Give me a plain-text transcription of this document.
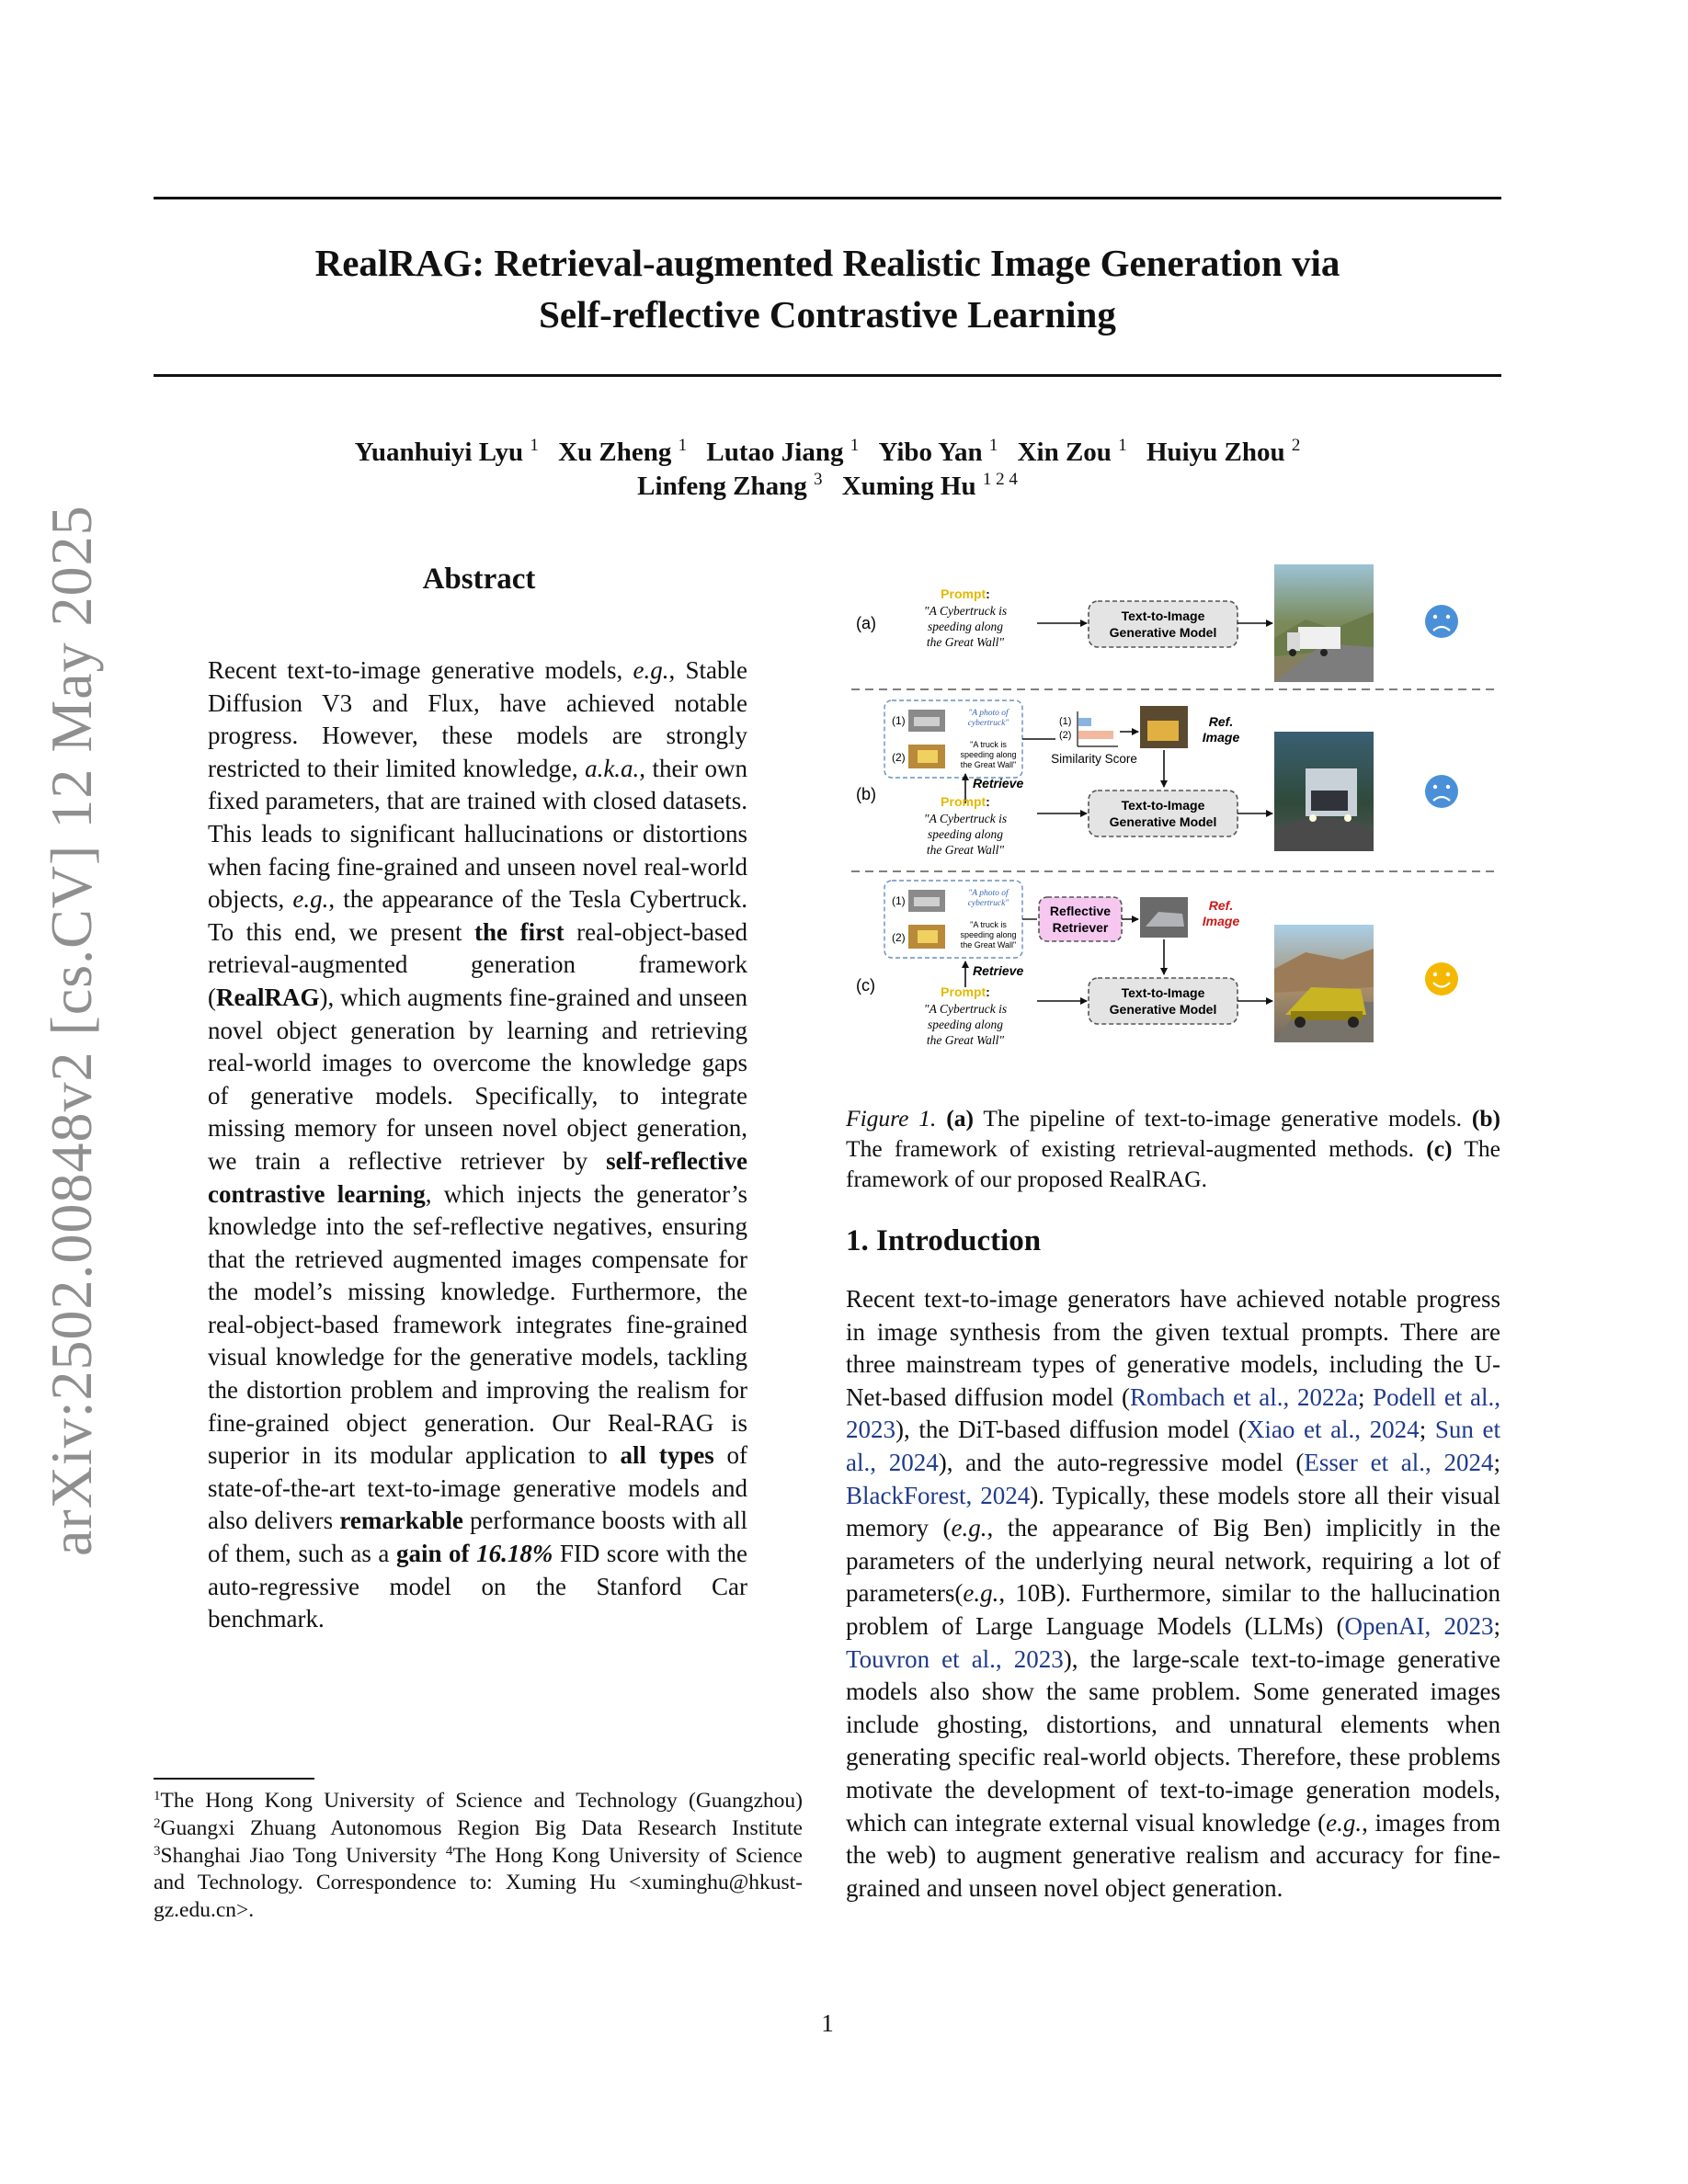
RealRAG: Retrieval-augmented Realistic Image Generation via
Self-reflective Contrastive Learning
Yuanhuiyi Lyu $^1$ Xu Zheng $^1$ Lutao Jiang $^1$ Yibo Yan $^1$ Xin Zou $^1$ Huiyu Zhou $^2$
Linfeng Zhang $^3$ Xuming Hu $^{1 2 4}$
arXiv:2502.00848v2 [cs.CV] 12 May 2025	Abstract
Recent text-to-image generative models, e.g., Stable Diffusion V3 and Flux, have achieved notable progress. However, these models are strongly restricted to their limited knowledge, a.k.a., their own fixed parameters, that are trained with closed datasets. This leads to significant hallucinations or distortions when facing fine-grained and unseen novel real-world objects, e.g., the appearance of the Tesla Cybertruck. To this end, we present the first real-object-based retrieval-augmented generation framework (RealRAG), which augments fine-grained and unseen novel object generation by learning and retrieving real-world images to overcome the knowledge gaps of generative models. Specifically, to integrate missing memory for unseen novel object generation, we train a reflective retriever by self-reflective contrastive learning, which injects the generator’s knowledge into the sef-reflective negatives, ensuring that the retrieved augmented images compensate for the model’s missing knowledge. Furthermore, the real-object-based framework integrates fine-grained visual knowledge for the generative models, tackling the distortion problem and improving the realism for fine-grained object generation. Our Real-RAG is superior in its modular application to all types of state-of-the-art text-to-image generative models and also delivers remarkable performance boosts with all of them, such as a gain of 16.18% FID score with the auto-regressive model on the Stanford Car benchmark.
$^1$The Hong Kong University of Science and Technology (Guangzhou) $^2$Guangxi Zhuang Autonomous Region Big Data Research Institute $^3$Shanghai Jiao Tong University $^4$The Hong Kong University of Science and Technology. Correspondence to: Xuming Hu <xuminghu@hkust-gz.edu.cn>.
(a)
Prompt:
"A Cybertruck is
speeding along
the Great Wall"
Text-to-Image
Generative Model
(1)
"A photo of
cybertruck"
(2)
"A truck is
speeding along
the Great Wall"
(1)
(2)
Similarity Score
Ref.
Image
Retrieve
(b)	Prompt:
"A Cybertruck is
speeding along
the Great Wall"
Text-to-Image
Generative Model
(1)
"A photo of
cybertruck"
(2)
"A truck is
speeding along
the Great Wall"
Reflective
Retriever
Ref.
Image
Retrieve
(c)	Prompt:
"A Cybertruck is
speeding along
the Great Wall"
Text-to-Image
Generative Model
Figure 1. (a) The pipeline of text-to-image generative models. (b) The framework of existing retrieval-augmented methods. (c) The framework of our proposed RealRAG.
1. Introduction
Recent text-to-image generators have achieved notable progress in image synthesis from the given textual prompts. There are three mainstream types of generative models, including the U-Net-based diffusion model (Rombach et al., 2022a; Podell et al., 2023), the DiT-based diffusion model (Xiao et al., 2024; Sun et al., 2024), and the auto-regressive model (Esser et al., 2024; BlackForest, 2024). Typically, these models store all their visual memory (e.g., the appearance of Big Ben) implicitly in the parameters of the underlying neural network, requiring a lot of parameters(e.g., 10B). Furthermore, similar to the hallucination problem of Large Language Models (LLMs) (OpenAI, 2023; Touvron et al., 2023), the large-scale text-to-image generative models also show the same problem. Some generated images include ghosting, distortions, and unnatural elements when generating specific real-world objects. Therefore, these problems motivate the development of text-to-image generation models, which can integrate external visual knowledge (e.g., images from the web) to augment generative realism and accuracy for fine-grained and unseen novel object generation.
1
